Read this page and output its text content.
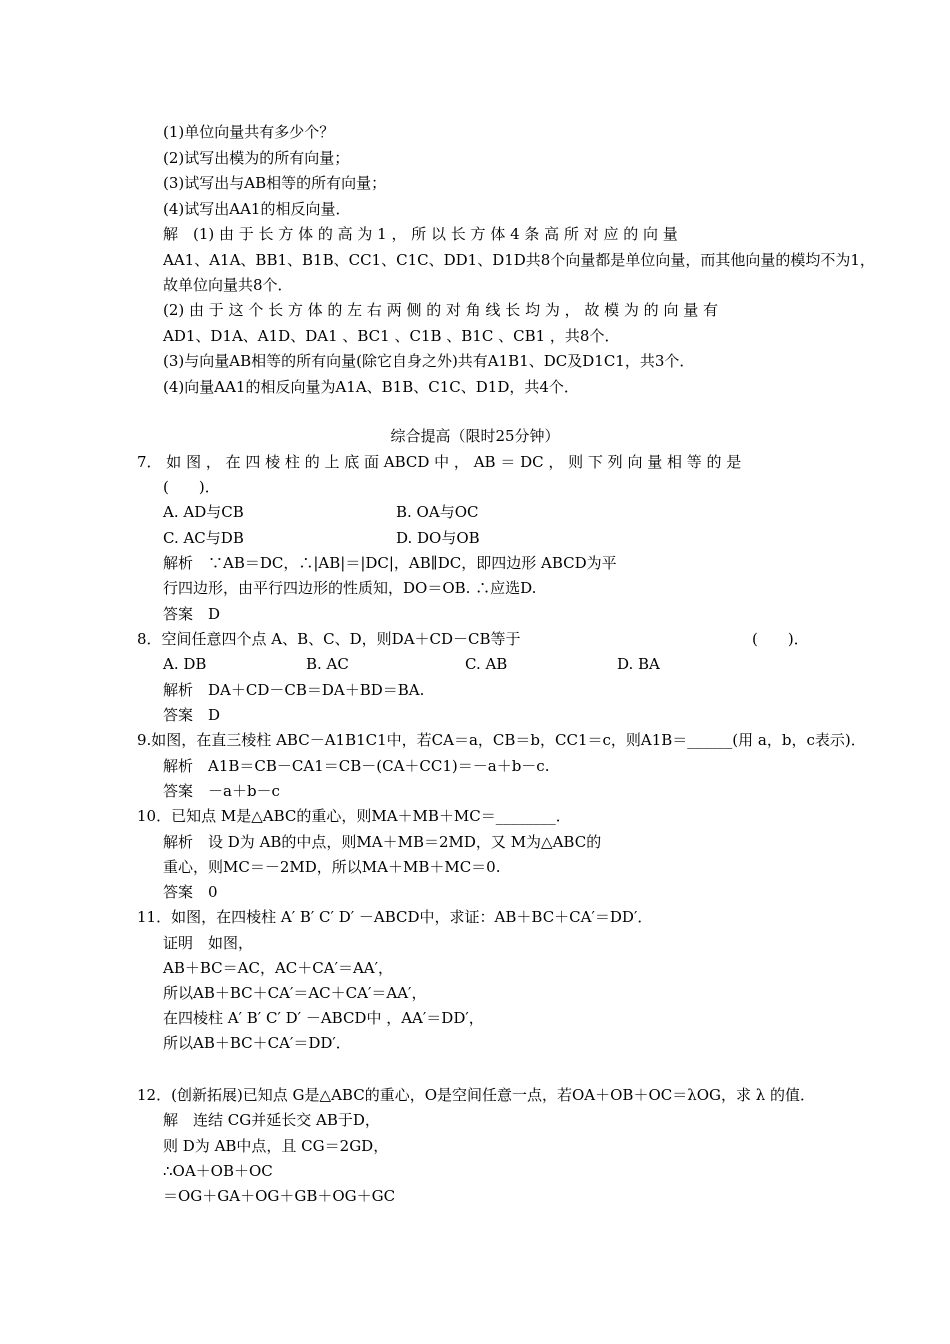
(1)单位向量共有多少个？
(2)试写出模为的所有向量；
(3)试写出与AB相等的所有向量；
(4)试写出AA1的相反向量．
解　(1) 由 于 长 方 体 的 高 为 1 ， 所 以 长 方 体 4 条 高 所 对 应 的 向 量
AA1、A1A、BB1、B1B、CC1、C1C、DD1、D1D共8个向量都是单位向量，而其他向量的模均不为1，
故单位向量共8个．
(2) 由 于 这 个 长 方 体 的 左 右 两 侧 的 对 角 线 长 均 为 ， 故 模 为 的 向 量 有
AD1、D1A、A1D、DA1 、BC1 、C1B 、B1C 、CB1 ，共8个．
(3)与向量AB相等的所有向量(除它自身之外)共有A1B1、DC及D1C1，共3个．
(4)向量AA1的相反向量为A1A、B1B、C1C、D1D，共4个．
综合提高（限时25分钟）
7． 如 图 ， 在 四 棱 柱 的 上 底 面 ABCD 中 ， AB ＝ DC ， 则 下 列 向 量 相 等 的 是
(　　)．
A. AD与CB	B. OA与OC
C. AC与DB	D. DO与OB
解析　∵AB＝DC，∴|AB|＝|DC|，AB∥DC，即四边形 ABCD为平
行四边形，由平行四边形的性质知，DO＝OB. ∴应选D.
答案　D
8．空间任意四个点 A、B、C、D，则DA＋CD－CB等于	(　　)．
A. DB	B. AC	C. AB	D. BA
解析　DA＋CD－CB＝DA＋BD＝BA.
答案　D
9.如图，在直三棱柱 ABC－A1B1C1中，若CA＝a，CB＝b，CC1＝c，则A1B＝______(用 a，b，c表示)．
解析　A1B＝CB－CA1＝CB－(CA＋CC1)＝－a＋b－c.
答案　－a＋b－c
10．已知点 M是△ABC的重心，则MA＋MB＋MC＝________．
解析　设 D为 AB的中点，则MA＋MB＝2MD，又 M为△ABC的
重心，则MC＝－2MD，所以MA＋MB＋MC＝0.
答案　0
11．如图，在四棱柱 A′ B′ C′ D′ －ABCD中，求证：AB＋BC＋CA′＝DD′．
证明　如图，
AB＋BC＝AC，AC＋CA′＝AA′，
所以AB＋BC＋CA′＝AC＋CA′＝AA′，
在四棱柱 A′ B′ C′ D′ －ABCD中 ，AA′＝DD′，
所以AB＋BC＋CA′＝DD′．
12．(创新拓展)已知点 G是△ABC的重心，O是空间任意一点，若OA＋OB＋OC＝λOG，求 λ 的值．
解　连结 CG并延长交 AB于D，
则 D为 AB中点，且 CG＝2GD，
∴OA＋OB＋OC
＝OG＋GA＋OG＋GB＋OG＋GC
